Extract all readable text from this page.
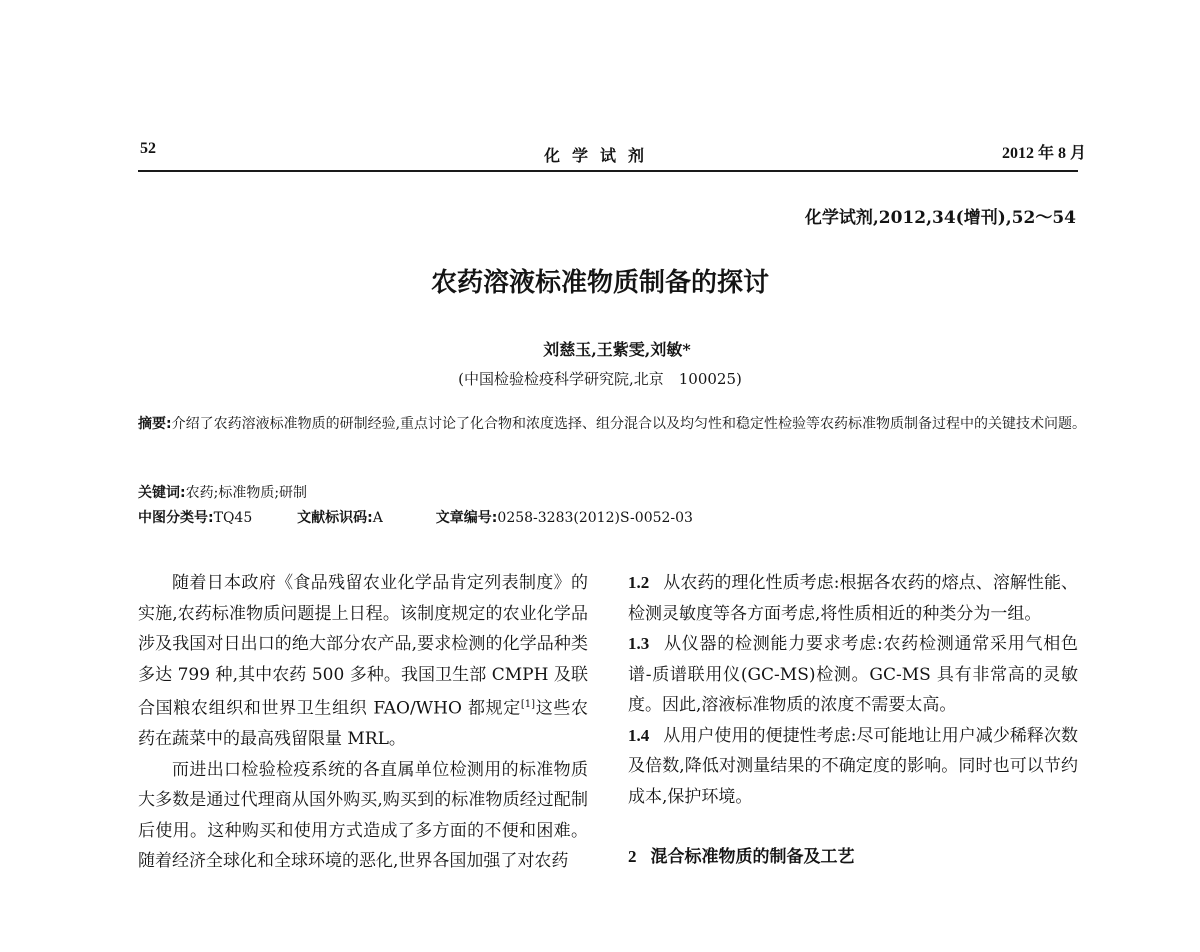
52	化学试剂	2012 年 8 月
化学试剂,2012,34(增刊),52～54
农药溶液标准物质制备的探讨
刘慈玉,王紫雯,刘敏*
(中国检验检疫科学研究院,北京　100025)
摘要:介绍了农药溶液标准物质的研制经验,重点讨论了化合物和浓度选择、组分混合以及均匀性和稳定性检验等农药标准物质制备过程中的关键技术问题。
关键词:农药;标准物质;研制
中图分类号:TQ45	文献标识码:A	文章编号:0258-3283(2012)S-0052-03

随着日本政府《食品残留农业化学品肯定列表制度》的实施,农药标准物质问题提上日程。该制度规定的农业化学品涉及我国对日出口的绝大部分农产品,要求检测的化学品种类多达 799 种,其中农药 500 多种。我国卫生部 CMPH 及联合国粮农组织和世界卫生组织 FAO/WHO 都规定[1]这些农药在蔬菜中的最高残留限量 MRL。

而进出口检验检疫系统的各直属单位检测用的标准物质大多数是通过代理商从国外购买,购买到的标准物质经过配制后使用。这种购买和使用方式造成了多方面的不便和困难。随着经济全球化和全球环境的恶化,世界各国加强了对农药

1.2 从农药的理化性质考虑:根据各农药的熔点、溶解性能、检测灵敏度等各方面考虑,将性质相近的种类分为一组。

1.3 从仪器的检测能力要求考虑:农药检测通常采用气相色谱-质谱联用仪(GC-MS)检测。GC-MS 具有非常高的灵敏度。因此,溶液标准物质的浓度不需要太高。

1.4 从用户使用的便捷性考虑:尽可能地让用户减少稀释次数及倍数,降低对测量结果的不确定度的影响。同时也可以节约成本,保护环境。

2 混合标准物质的制备及工艺
